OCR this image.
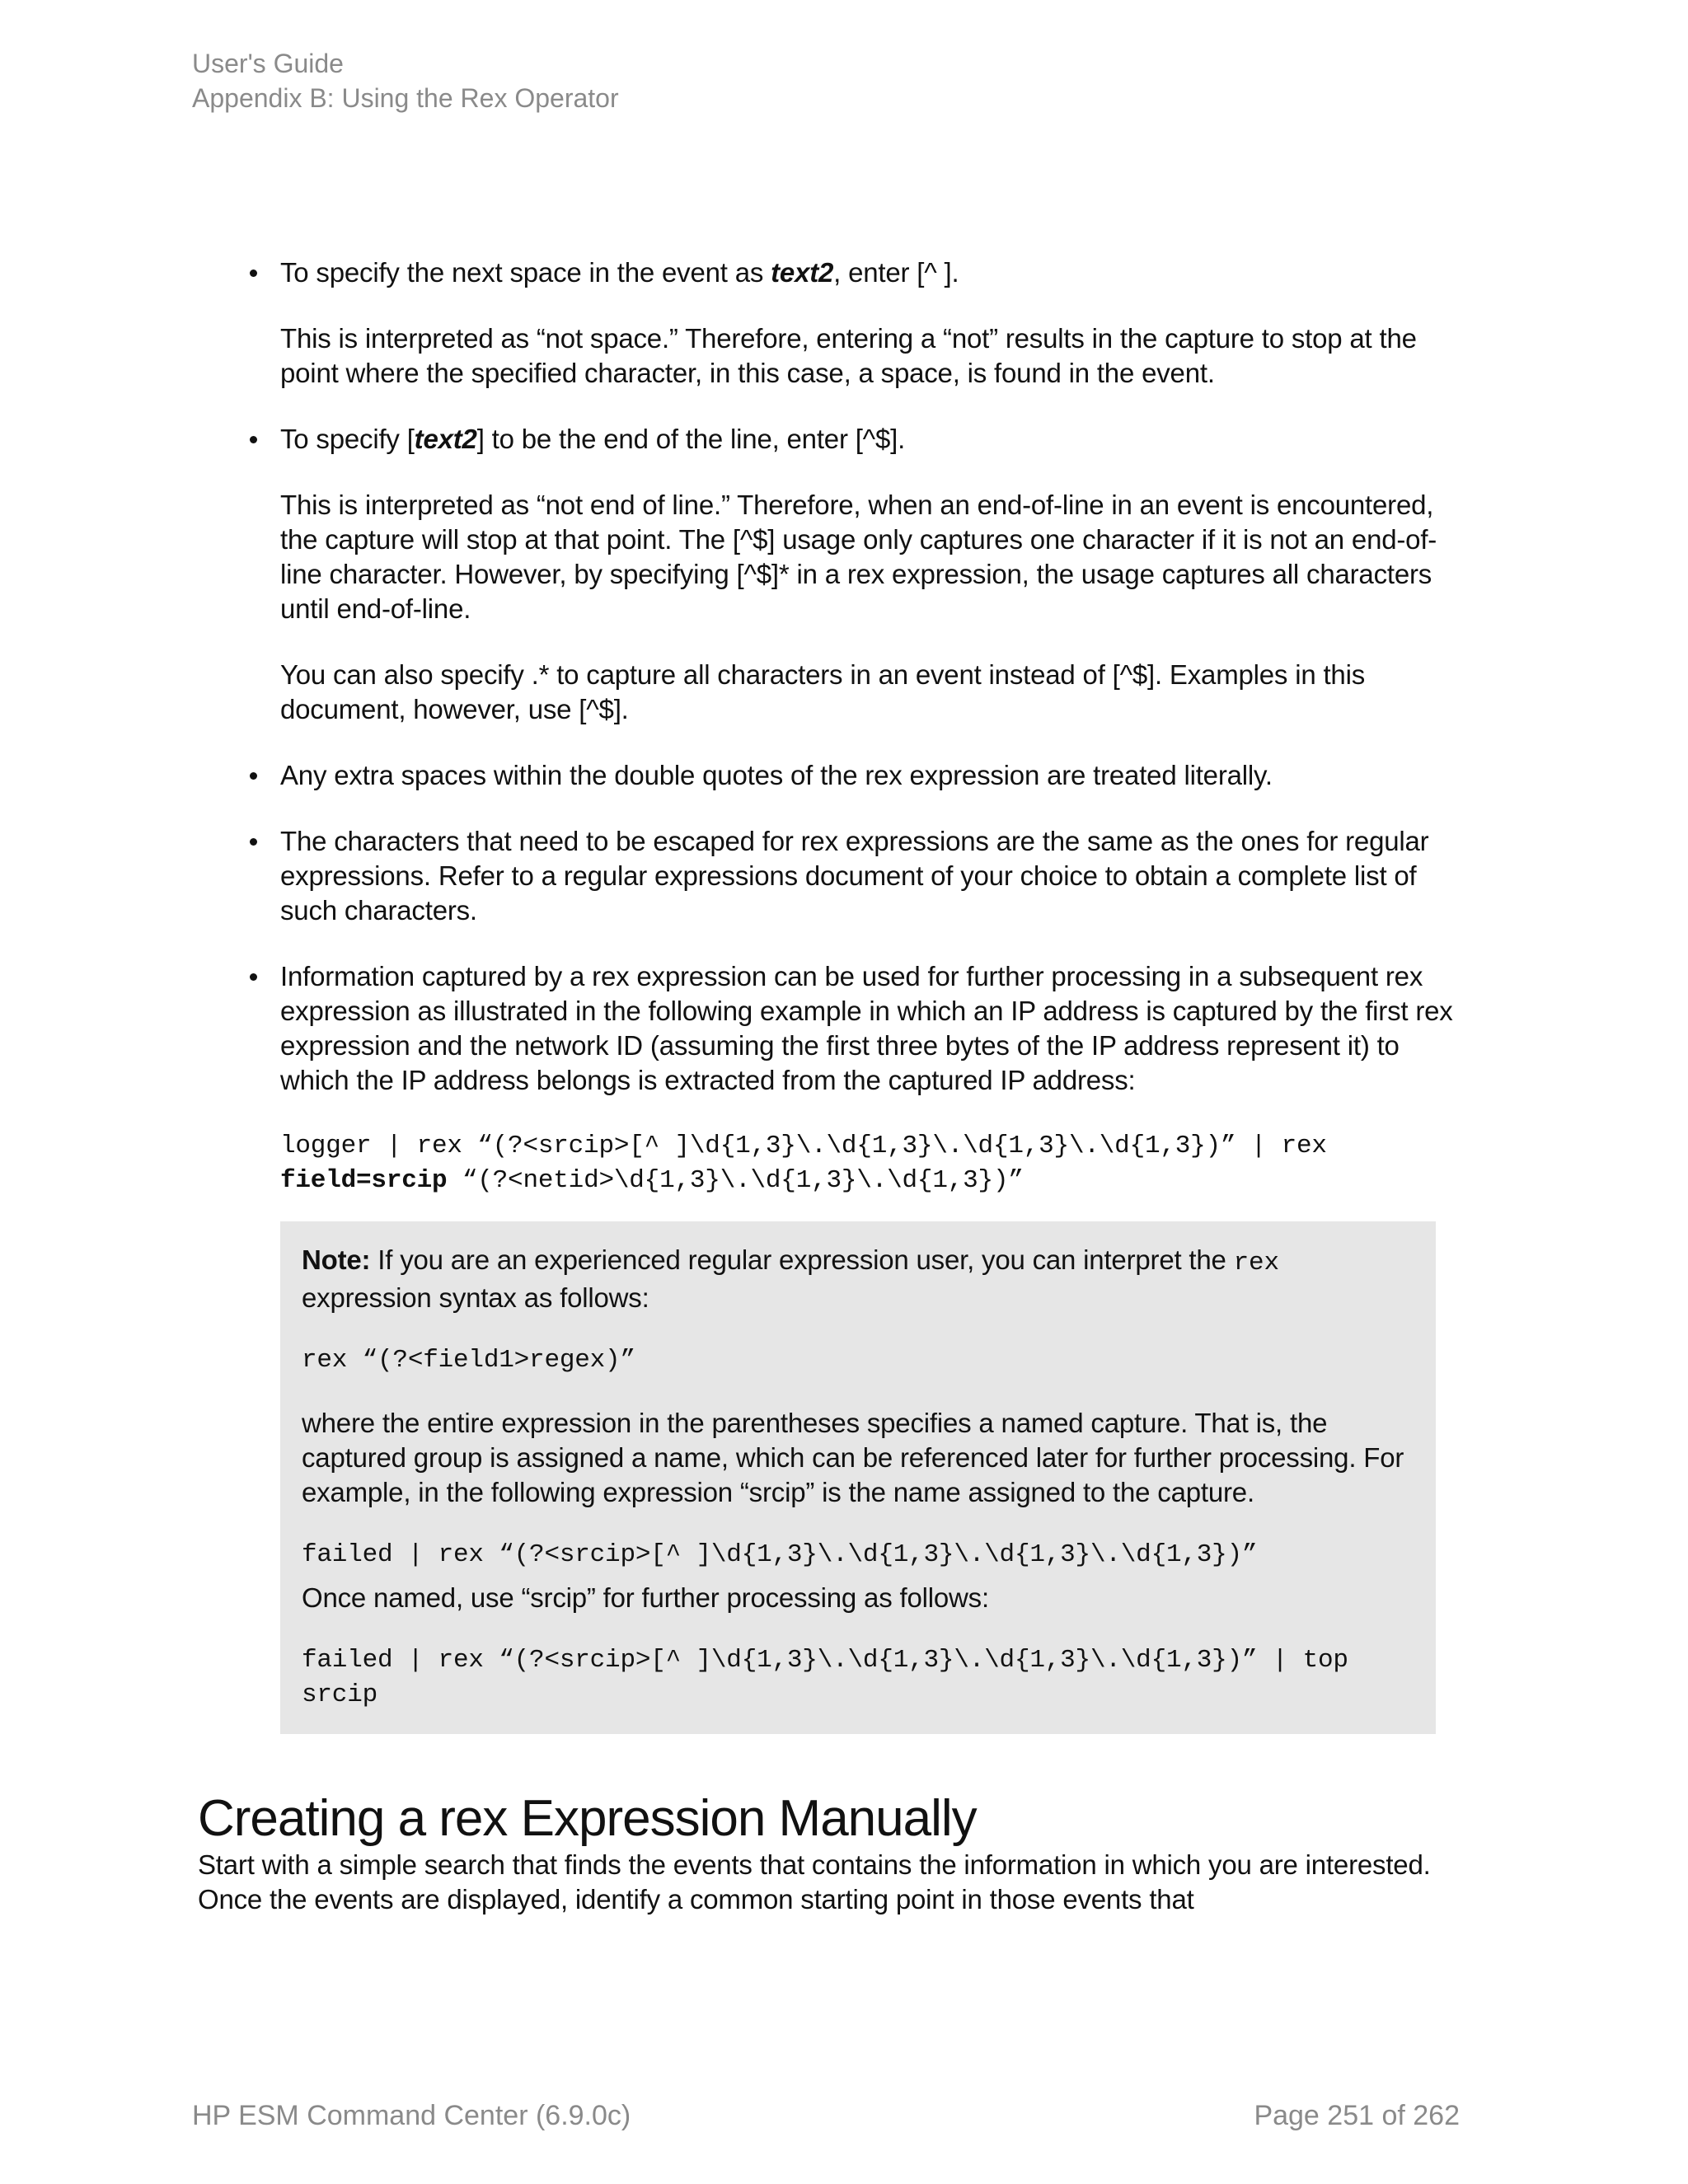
User's Guide
Appendix B: Using the Rex Operator
To specify the next space in the event as text2, enter [^ ].
This is interpreted as “not space.” Therefore, entering a “not” results in the capture to stop at the point where the specified character, in this case, a space, is found in the event.
To specify [text2] to be the end of the line, enter [^$].
This is interpreted as “not end of line.” Therefore, when an end-of-line in an event is encountered, the capture will stop at that point. The [^$] usage only captures one character if it is not an end-of-line character. However, by specifying [^$]* in a rex expression, the usage captures all characters until end-of-line.
You can also specify .* to capture all characters in an event instead of [^$]. Examples in this document, however, use [^$].
Any extra spaces within the double quotes of the rex expression are treated literally.
The characters that need to be escaped for rex expressions are the same as the ones for regular expressions. Refer to a regular expressions document of your choice to obtain a complete list of such characters.
Information captured by a rex expression can be used for further processing in a subsequent rex expression as illustrated in the following example in which an IP address is captured by the first rex expression and the network ID (assuming the first three bytes of the IP address represent it) to which the IP address belongs is extracted from the captured IP address:
logger | rex “(?<srcip>[^ ]\d{1,3}\.\d{1,3}\.\d{1,3}\.\d{1,3})” | rex
field=srcip “(?<netid>\d{1,3}\.\d{1,3}\.\d{1,3})”
Note: If you are an experienced regular expression user, you can interpret the rex expression syntax as follows:
rex “(?<field1>regex)”
where the entire expression in the parentheses specifies a named capture. That is, the captured group is assigned a name, which can be referenced later for further processing. For example, in the following expression “srcip” is the name assigned to the capture.
failed | rex “(?<srcip>[^ ]\d{1,3}\.\d{1,3}\.\d{1,3}\.\d{1,3})”
Once named, use “srcip” for further processing as follows:
failed | rex “(?<srcip>[^ ]\d{1,3}\.\d{1,3}\.\d{1,3}\.\d{1,3})” | top srcip
Creating a rex Expression Manually
Start with a simple search that finds the events that contains the information in which you are interested. Once the events are displayed, identify a common starting point in those events that
HP ESM Command Center (6.9.0c)	Page 251 of 262
